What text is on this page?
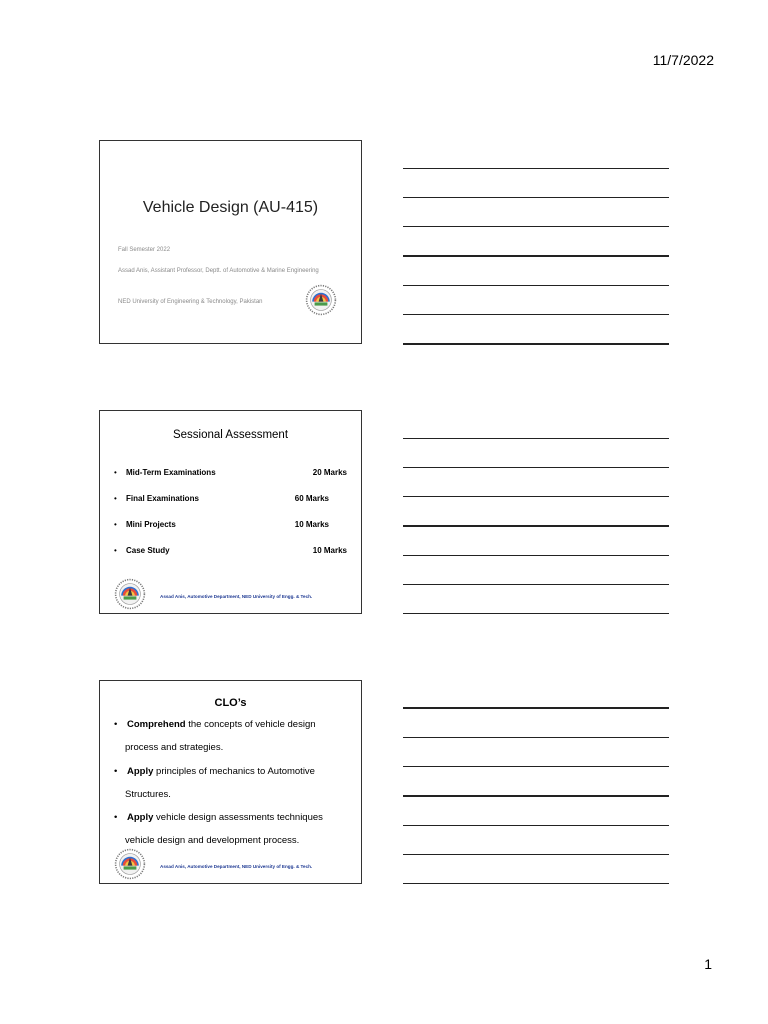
11/7/2022
Vehicle Design (AU-415)
Fall Semester 2022
Assad Anis, Assistant Professor, Deptt. of Automotive & Marine Engineering
NED University of Engineering & Technology, Pakistan
Sessional Assessment
• Mid-Term Examinations	20 Marks
• Final Examinations	60 Marks
• Mini Projects	10 Marks
• Case Study	10 Marks
Assad Anis, Automotive Department, NED University of Engg. & Tech.
CLO’s
• Comprehend the concepts of vehicle design
process and strategies.
• Apply principles of mechanics to Automotive
Structures.
• Apply vehicle design assessments techniques
vehicle design and development process.
Assad Anis, Automotive Department, NED University of Engg. & Tech.
1
